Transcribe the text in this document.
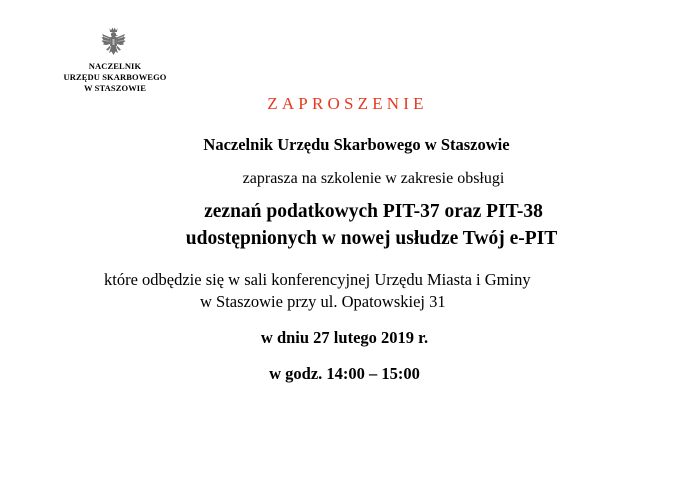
NACZELNIK
URZĘDU SKARBOWEGO
W STASZOWIE
ZAPROSZENIE
Naczelnik Urzędu Skarbowego w Staszowie
zaprasza na szkolenie w zakresie obsługi
zeznań podatkowych PIT-37 oraz PIT-38
udostępnionych w nowej usłudze Twój e-PIT
które odbędzie się w sali konferencyjnej Urzędu Miasta i Gminy
w Staszowie przy ul. Opatowskiej 31
w dniu 27 lutego 2019 r.
w godz. 14:00 – 15:00
